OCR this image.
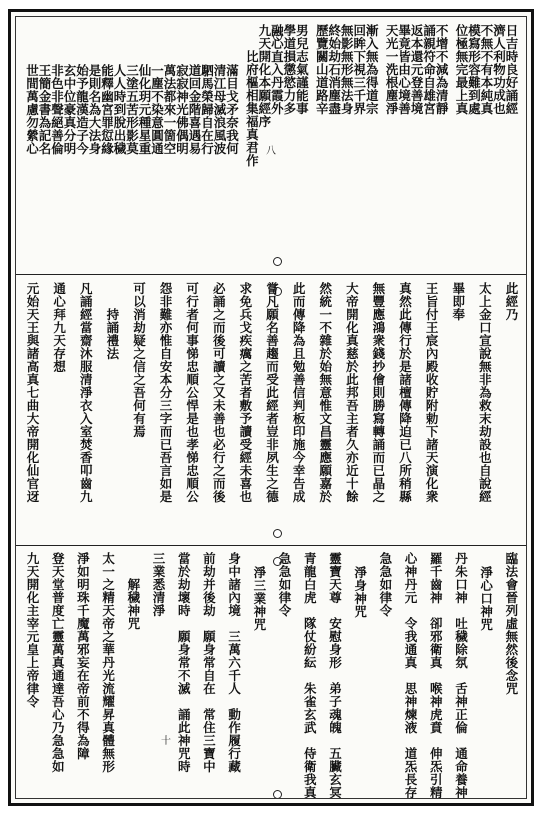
八
十
日吉時良好誦經
濟人利物功成也
不無不有本純真
模寫形容難到處
位極無完最上真
不增不減為清靜
誦親符命自雄宮
返本還元登善境
畢竟皆由心境善
天光一洗根塵淨
漸入無為得道宗
回眸下視三千界
無影無形無法身
終始劫石消塵盡
歷覽關山道路辛
男兒志氣謹能事
學道損懲慾力多
融心直入丹霞外
九天開化本願經序
比府樞相集福真君作
滿目戈矛奈我何
清江母滅浪風波
駟馬榮歸自在行
道回金階喜遇易
寂寂神光佛偶明
萬法都來一箇空
一塵不染意圓通
仙化玥元種星重
三塗五苦形影莫
人人時到脫出穢
能釋幽宮罪愆緣
是則名為大法身
始予龍漢造子今
玄中位豪真分明
非色非聲絕善倫
王簡金書為記名
世間萬慮勿縈心
此經乃
太上金口宣說無非為救末劫設也自說經
畢即奉
王旨付王宸內殿收貯附勅下諸天演化衆
真然此傳行於是諸檀傳降迫已八所稍縣
無豐應鴻衆錢抄儈則勝寫轉誦而已晶之
大帝開化真慈於此邦吾主者久亦近十餘
然統一不雜於始無意惟文昌靈應願嘉於
此而傳降為且勉善信判板印施今幸告成
嘗凡願名善趨而受此經者豈非夙生之德
求免兵戈疾癘之苦者敷予讀受經未喜也
必誦之而後可讀之又未善也必行之而後
可行者何事悌忠順公悍是也孝悌忠順公
怨非難亦惟自安本分三字而已吾言如是
可以消劫疑之信之吾何有焉
持誦禮法
凡誦經當齋沐服清淨衣入室焚香叩齒九
通心拜九天存想
元始天王與諸高真七曲大帝開化仙官迓
臨法會晉列虛無然後念咒
淨心口神咒
丹朱口神　吐穢除氛　舌神正倫　通命養神
羅千齒神　卻邪衛真　喉神虎賁　伸炁引精
心神丹元　令我通真　思神煉液　道炁長存
急急如律令
淨身神咒
靈寶天尊　安慰身形　弟子魂魄　五臟玄冥
青龍白虎　隊仗紛紜　朱雀玄武　侍衛我真
急急如律令
淨三業神咒
身中諸內境　三萬六千人　動作履行藏
前劫并後劫　願身常自在　常住三寶中
當於劫壞時　願身常不滅　誦此神咒時
三業悉清淨
解穢神咒
太一之精天帝之華丹光流耀昇真體無形
淨如明珠千魔萬邪妄在帝前不得為障
登天堂普度亡靈萬真通達吾心乃急急如
九天開化主宰元皇上帝律令
